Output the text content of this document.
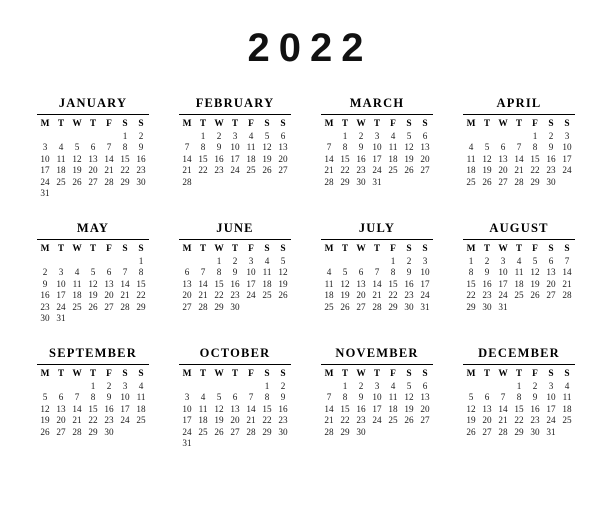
2022
JANUARY
M	T	W	T	F	S	S
					1	2
3	4	5	6	7	8	9
10	11	12	13	14	15	16
17	18	19	20	21	22	23
24	25	26	27	28	29	30
31						
FEBRUARY
M	T	W	T	F	S	S
	1	2	3	4	5	6
7	8	9	10	11	12	13
14	15	16	17	18	19	20
21	22	23	24	25	26	27
28						
MARCH
M	T	W	T	F	S	S
	1	2	3	4	5	6
7	8	9	10	11	12	13
14	15	16	17	18	19	20
21	22	23	24	25	26	27
28	29	30	31			
APRIL
M	T	W	T	F	S	S
				1	2	3
4	5	6	7	8	9	10
11	12	13	14	15	16	17
18	19	20	21	22	23	24
25	26	27	28	29	30	
MAY
M	T	W	T	F	S	S
						1
2	3	4	5	6	7	8
9	10	11	12	13	14	15
16	17	18	19	20	21	22
23	24	25	26	27	28	29
30	31					
JUNE
M	T	W	T	F	S	S
		1	2	3	4	5
6	7	8	9	10	11	12
13	14	15	16	17	18	19
20	21	22	23	24	25	26
27	28	29	30			
JULY
M	T	W	T	F	S	S
				1	2	3
4	5	6	7	8	9	10
11	12	13	14	15	16	17
18	19	20	21	22	23	24
25	26	27	28	29	30	31
AUGUST
M	T	W	T	F	S	S
1	2	3	4	5	6	7
8	9	10	11	12	13	14
15	16	17	18	19	20	21
22	23	24	25	26	27	28
29	30	31				
SEPTEMBER
M	T	W	T	F	S	S
			1	2	3	4
5	6	7	8	9	10	11
12	13	14	15	16	17	18
19	20	21	22	23	24	25
26	27	28	29	30		
OCTOBER
M	T	W	T	F	S	S
					1	2
3	4	5	6	7	8	9
10	11	12	13	14	15	16
17	18	19	20	21	22	23
24	25	26	27	28	29	30
31						
NOVEMBER
M	T	W	T	F	S	S
	1	2	3	4	5	6
7	8	9	10	11	12	13
14	15	16	17	18	19	20
21	22	23	24	25	26	27
28	29	30				
DECEMBER
M	T	W	T	F	S	S
			1	2	3	4
5	6	7	8	9	10	11
12	13	14	15	16	17	18
19	20	21	22	23	24	25
26	27	28	29	30	31	
